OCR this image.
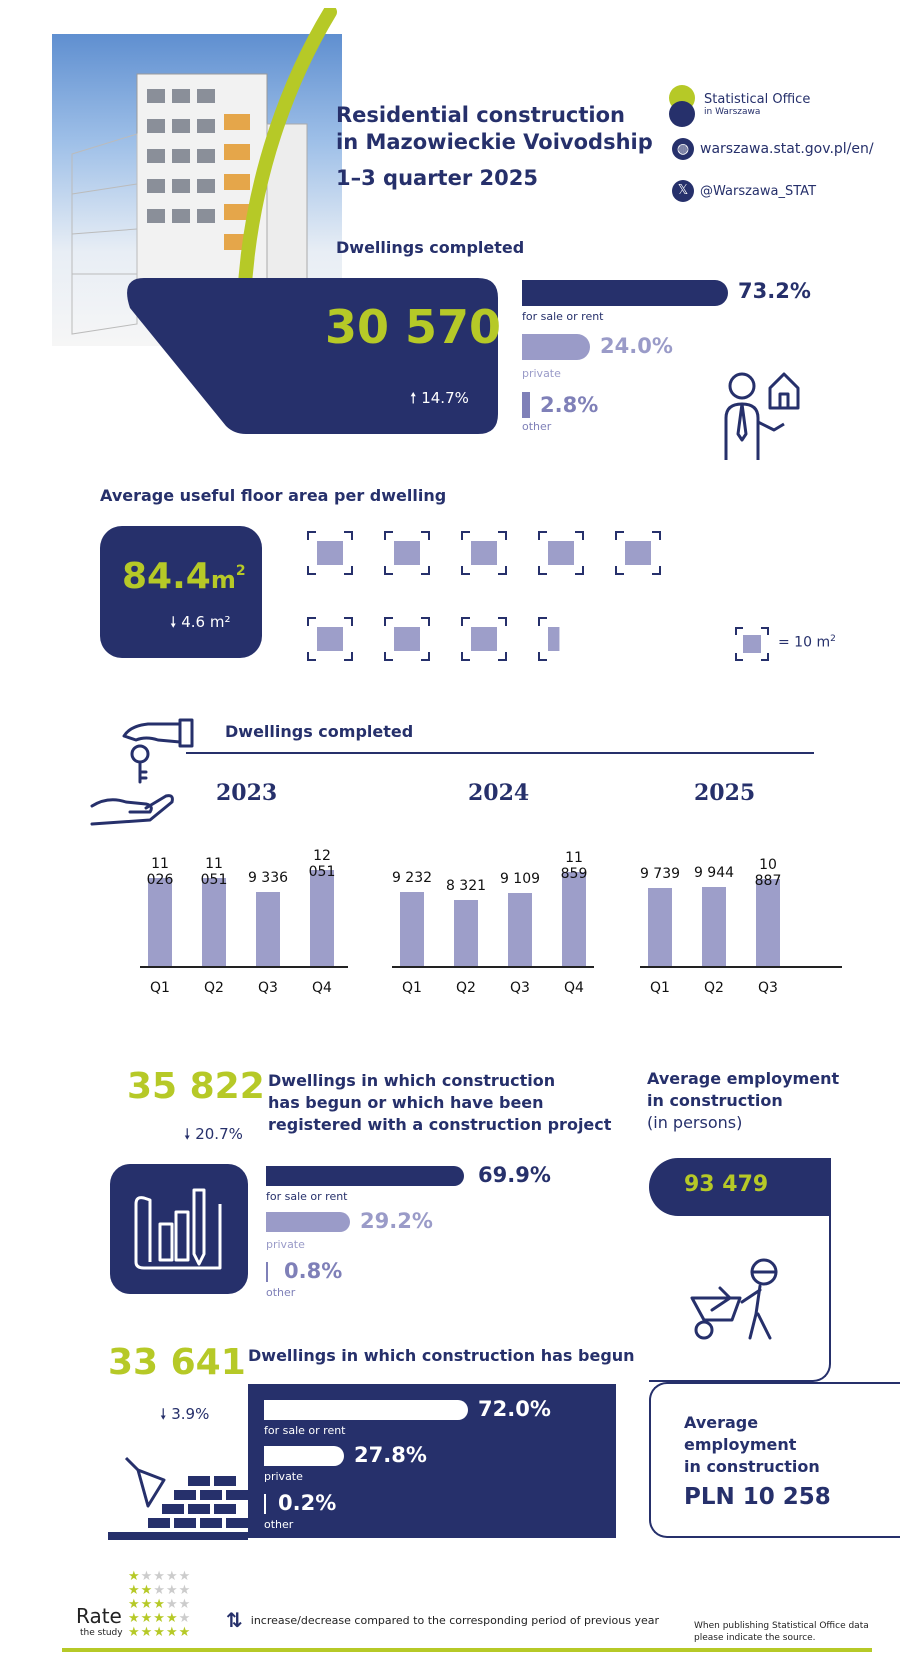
Residential construction
in Mazowieckie Voivodship
1–3 quarter 2025
Statistical Office
in Warszawa
◍ warszawa.stat.gov.pl/en/
𝕏 @Warszawa_STAT
Dwellings completed
30 570
🠕 14.7%
73.2%
for sale or rent
24.0%
private
2.8%
other
Average useful floor area per dwelling
$84.4m^2$
🠗 4.6 m²
= 10 $m^2$
Dwellings completed
2023
11 026
Q1
11 051
Q2
9 336
Q3
12 051
Q4
2024
9 232
Q1
8 321
Q2
9 109
Q3
11 859
Q4
2025
9 739
Q1
9 944
Q2
10 887
Q3
35 822
🠗 20.7%
Dwellings in which construction
has begun or which have been
registered with a construction project
69.9%
for sale or rent
29.2%
private
0.8%
other
Average employment
in construction
(in persons)
93 479
Average
employment
in construction
PLN 10 258
33 641
🠗 3.9%
Dwellings in which construction has begun
72.0%
for sale or rent
27.8%
private
0.2%
other
★★★★★
★★★★★
★★★★★
★★★★★
★★★★★
Rate
the study
⇅ increase/decrease compared to the corresponding period of previous year	When publishing Statistical Office data
please indicate the source.
